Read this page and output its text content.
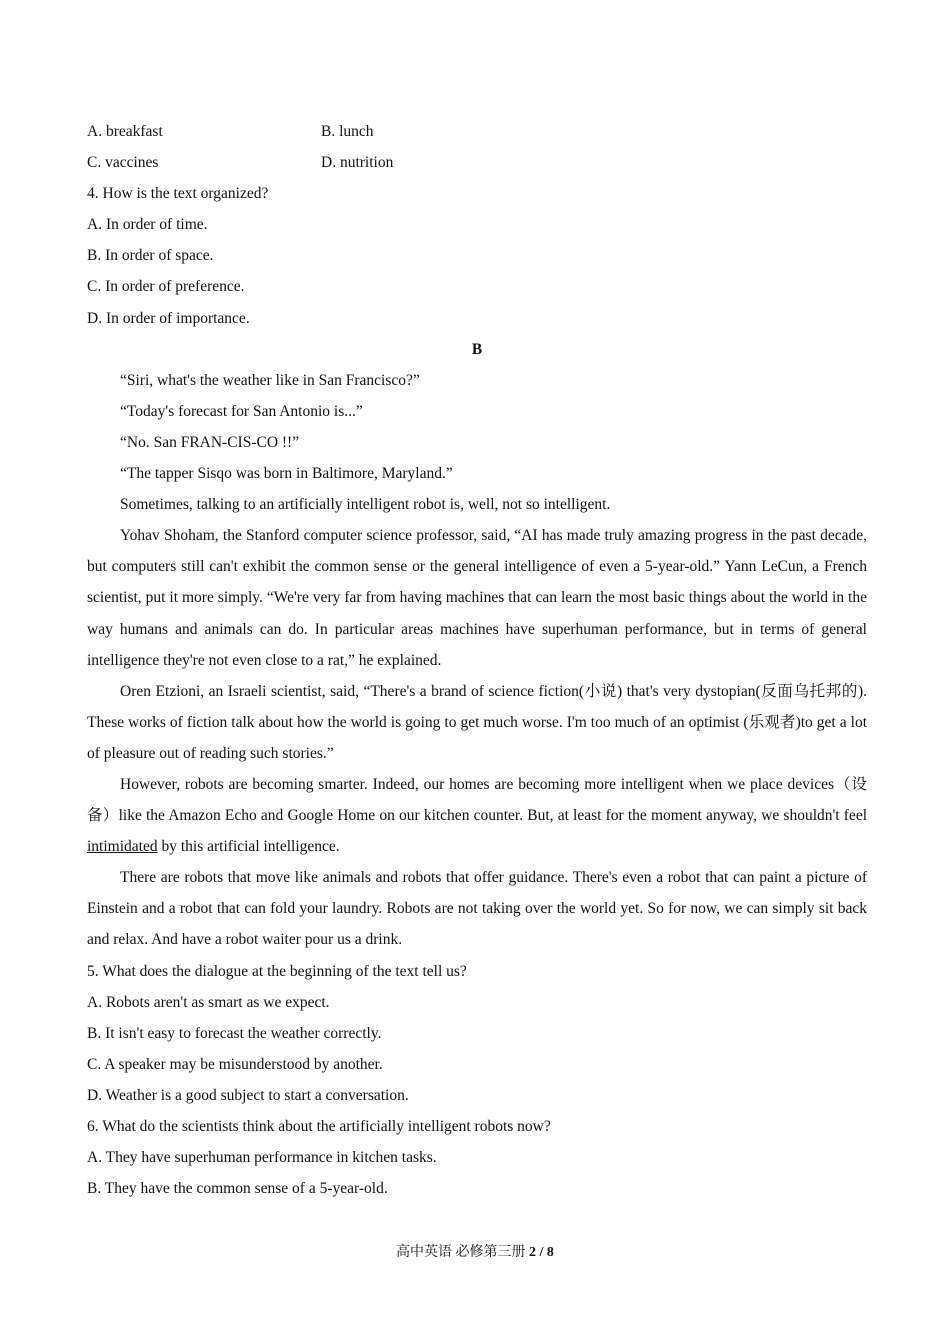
A. breakfast	B. lunch
C. vaccines	D. nutrition
4. How is the text organized?
A. In order of time.
B. In order of space.
C. In order of preference.
D. In order of importance.
B
“Siri, what's the weather like in San Francisco?”
“Today's forecast for San Antonio is...”
“No. San FRAN-CIS-CO !!”
“The tapper Sisqo was born in Baltimore, Maryland.”

Sometimes, talking to an artificially intelligent robot is, well, not so intelligent.

Yohav Shoham, the Stanford computer science professor, said, “AI has made truly amazing progress in the past decade, but computers still can't exhibit the common sense or the general intelligence of even a 5-year-old.” Yann LeCun, a French scientist, put it more simply. “We're very far from having machines that can learn the most basic things about the world in the way humans and animals can do. In particular areas machines have superhuman performance, but in terms of general intelligence they're not even close to a rat,” he explained.

Oren Etzioni, an Israeli scientist, said, “There's a brand of science fiction(小说) that's very dystopian(反面乌托邦的). These works of fiction talk about how the world is going to get much worse. I'm too much of an optimist (乐观者)to get a lot of pleasure out of reading such stories.”

However, robots are becoming smarter. Indeed, our homes are becoming more intelligent when we place devices（设备）like the Amazon Echo and Google Home on our kitchen counter. But, at least for the moment anyway, we shouldn't feel intimidated by this artificial intelligence.

There are robots that move like animals and robots that offer guidance. There's even a robot that can paint a picture of Einstein and a robot that can fold your laundry. Robots are not taking over the world yet. So for now, we can simply sit back and relax. And have a robot waiter pour us a drink.

5. What does the dialogue at the beginning of the text tell us?
A. Robots aren't as smart as we expect.
B. It isn't easy to forecast the weather correctly.
C. A speaker may be misunderstood by another.
D. Weather is a good subject to start a conversation.
6. What do the scientists think about the artificially intelligent robots now?
A. They have superhuman performance in kitchen tasks.
B. They have the common sense of a 5-year-old.
高中英语 必修第三册 2 / 8
